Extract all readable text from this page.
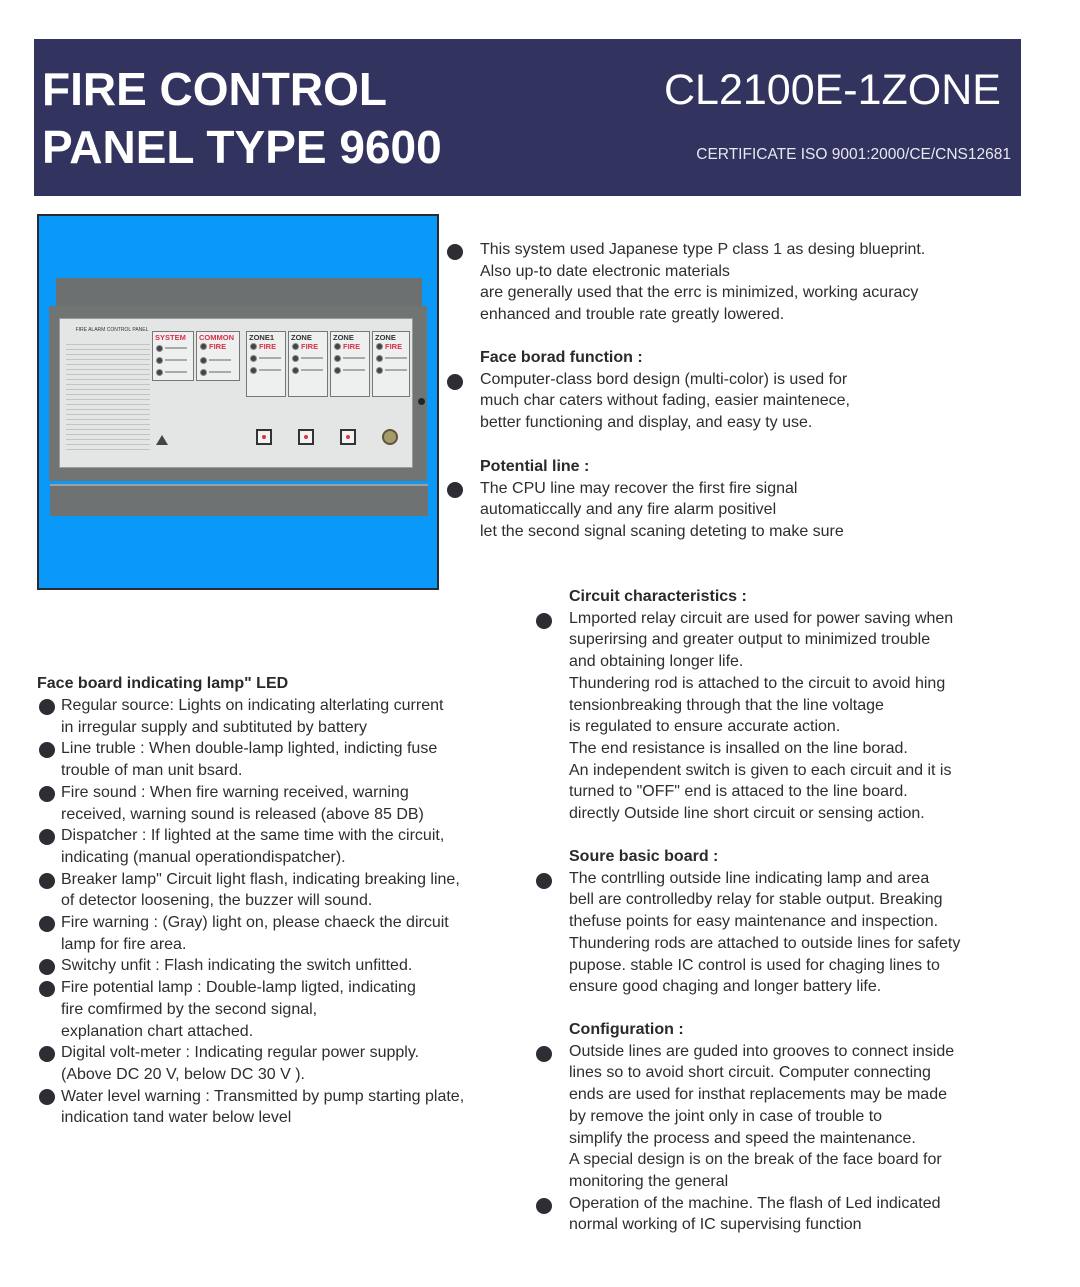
FIRE CONTROL
PANEL TYPE 9600
CL2100E-1ZONE
CERTIFICATE ISO 9001:2000/CE/CNS12681
FIRE ALARM CONTROL PANEL
SYSTEM COMMON
FIRE
ZONE1
FIRE
ZONE
FIRE
ZONE
FIRE
ZONE
FIRE
This system used Japanese type P class 1 as desing blueprint.
Also up-to date electronic materials
are generally used that the errc is minimized, working acuracy
enhanced and trouble rate greatly lowered.
Face borad function :
Computer-class bord design (multi-color) is used for
much char caters without fading, easier maintenece,
better functioning and display, and easy ty use.
Potential line :
The CPU line may recover the first fire signal
automaticcally and any fire alarm positivel
let the second signal scaning deteting to make sure
Face board indicating lamp" LED
Regular source: Lights on indicating alterlating current
in irregular supply and subtituted by battery
Line truble : When double-lamp lighted, indicting fuse
trouble of man unit bsard.
Fire sound : When fire warning received, warning
received, warning sound is released (above 85 DB)
Dispatcher : If lighted at the same time with the circuit,
indicating (manual operationdispatcher).
Breaker lamp" Circuit light flash, indicating breaking line,
of detector loosening, the buzzer will sound.
Fire warning : (Gray) light on, please chaeck the dircuit
lamp for fire area.
Switchy unfit : Flash indicating the switch unfitted.
Fire potential lamp : Double-lamp ligted, indicating
fire comfirmed by the second signal,
explanation chart attached.
Digital volt-meter : Indicating regular power supply.
(Above DC 20 V, below DC 30 V ).
Water level warning : Transmitted by pump starting plate,
indication tand water below level
Circuit characteristics :
Lmported relay circuit are used for power saving when
superirsing and greater output to minimized trouble
and obtaining longer life.
Thundering rod is attached to the circuit to avoid hing
tensionbreaking through that the line voltage
is regulated to ensure accurate action.
The end resistance is insalled on the line borad.
An independent switch is given to each circuit and it is
turned to "OFF" end is attaced to the line board.
directly Outside line short circuit or sensing action.
Soure basic board :
The contrlling outside line indicating lamp and area
bell are controlledby relay for stable output. Breaking
thefuse points for easy maintenance and inspection.
Thundering rods are attached to outside lines for safety
pupose. stable IC control is used for chaging lines to
ensure good chaging and longer battery life.
Configuration :
Outside lines are guded into grooves to connect inside
lines so to avoid short circuit. Computer connecting
ends are used for insthat replacements may be made
by remove the joint only in case of trouble to
simplify the process and speed the maintenance.
A special design is on the break of the face board for
monitoring the general
Operation of the machine. The flash of Led indicated
normal working of IC supervising function
